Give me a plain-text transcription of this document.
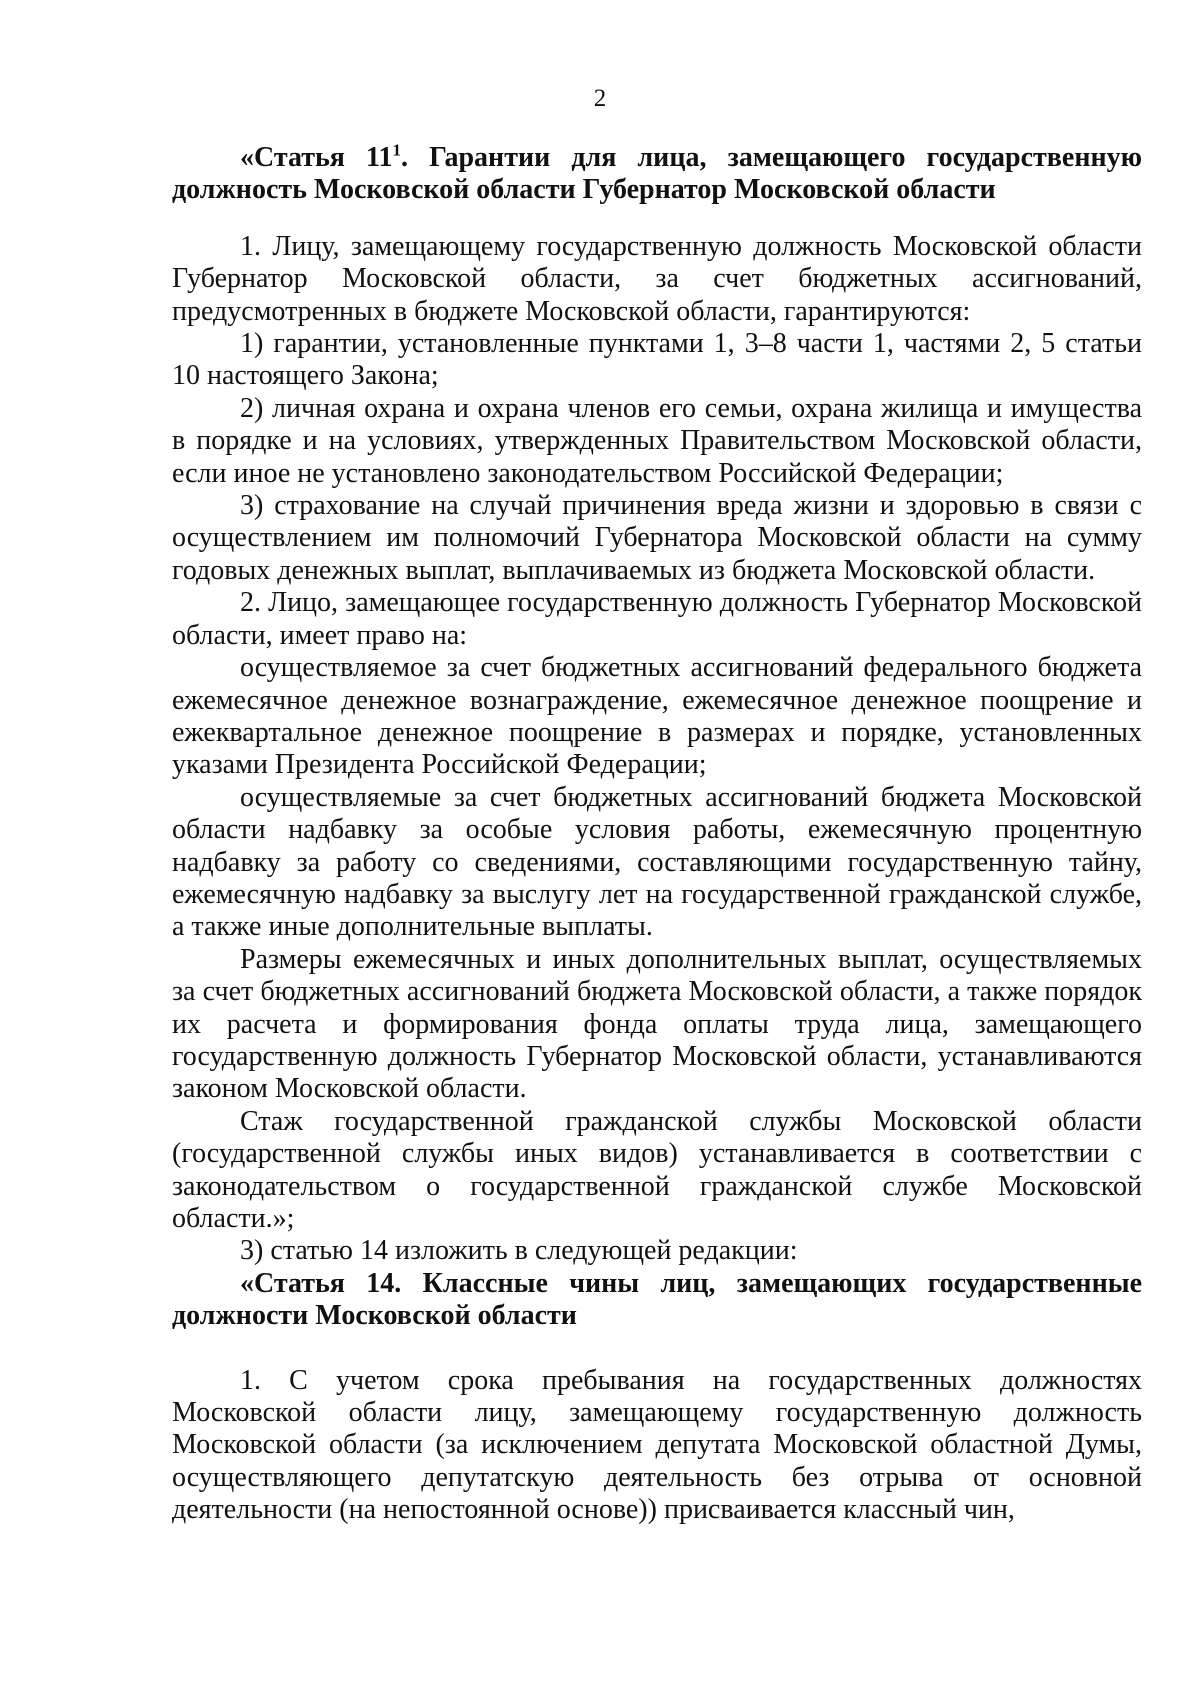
2

«Статья $11^1$. Гарантии для лица, замещающего государственную должность Московской области Губернатор Московской области

1. Лицу, замещающему государственную должность Московской области Губернатор Московской области, за счет бюджетных ассигнований, предусмотренных в бюджете Московской области, гарантируются:

1) гарантии, установленные пунктами 1, 3–8 части 1, частями 2, 5 статьи 10 настоящего Закона;

2) личная охрана и охрана членов его семьи, охрана жилища и имущества в порядке и на условиях, утвержденных Правительством Московской области, если иное не установлено законодательством Российской Федерации;

3) страхование на случай причинения вреда жизни и здоровью в связи с осуществлением им полномочий Губернатора Московской области на сумму годовых денежных выплат, выплачиваемых из бюджета Московской области.

2. Лицо, замещающее государственную должность Губернатор Московской области, имеет право на:

осуществляемое за счет бюджетных ассигнований федерального бюджета ежемесячное денежное вознаграждение, ежемесячное денежное поощрение и ежеквартальное денежное поощрение в размерах и порядке, установленных указами Президента Российской Федерации;

осуществляемые за счет бюджетных ассигнований бюджета Московской области надбавку за особые условия работы, ежемесячную процентную надбавку за работу со сведениями, составляющими государственную тайну, ежемесячную надбавку за выслугу лет на государственной гражданской службе, а также иные дополнительные выплаты.

Размеры ежемесячных и иных дополнительных выплат, осуществляемых за счет бюджетных ассигнований бюджета Московской области, а также порядок их расчета и формирования фонда оплаты труда лица, замещающего государственную должность Губернатор Московской области, устанавливаются законом Московской области.

Стаж государственной гражданской службы Московской области (государственной службы иных видов) устанавливается в соответствии с законодательством о государственной гражданской службе Московской области.»;

3) статью 14 изложить в следующей редакции:

«Статья 14. Классные чины лиц, замещающих государственные должности Московской области

1. С учетом срока пребывания на государственных должностях Московской области лицу, замещающему государственную должность Московской области (за исключением депутата Московской областной Думы, осуществляющего депутатскую деятельность без отрыва от основной деятельности (на непостоянной основе)) присваивается классный чин,
